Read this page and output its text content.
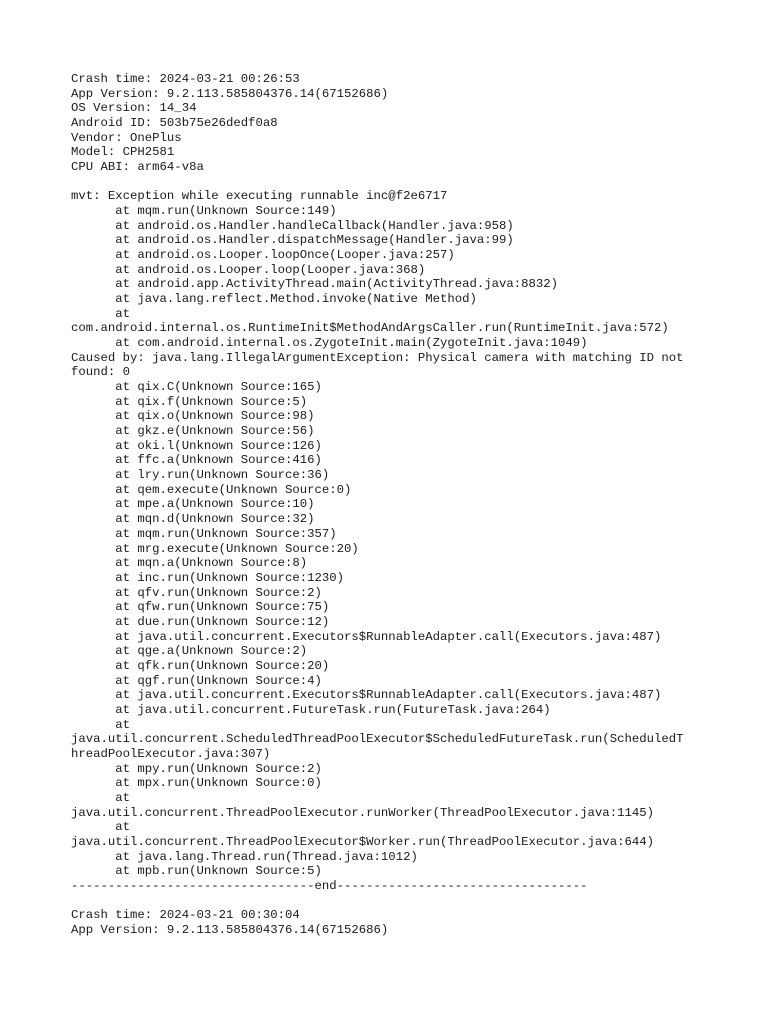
Crash time: 2024-03-21 00:26:53
App Version: 9.2.113.585804376.14(67152686)
OS Version: 14_34
Android ID: 503b75e26dedf0a8
Vendor: OnePlus
Model: CPH2581
CPU ABI: arm64-v8a

mvt: Exception while executing runnable inc@f2e6717
at mqm.run(Unknown Source:149)
at android.os.Handler.handleCallback(Handler.java:958)
at android.os.Handler.dispatchMessage(Handler.java:99)
at android.os.Looper.loopOnce(Looper.java:257)
at android.os.Looper.loop(Looper.java:368)
at android.app.ActivityThread.main(ActivityThread.java:8832)
at java.lang.reflect.Method.invoke(Native Method)
at
com.android.internal.os.RuntimeInit$MethodAndArgsCaller.run(RuntimeInit.java:572)
at com.android.internal.os.ZygoteInit.main(ZygoteInit.java:1049)
Caused by: java.lang.IllegalArgumentException: Physical camera with matching ID not
found: 0
at qix.C(Unknown Source:165)
at qix.f(Unknown Source:5)
at qix.o(Unknown Source:98)
at gkz.e(Unknown Source:56)
at oki.l(Unknown Source:126)
at ffc.a(Unknown Source:416)
at lry.run(Unknown Source:36)
at qem.execute(Unknown Source:0)
at mpe.a(Unknown Source:10)
at mqn.d(Unknown Source:32)
at mqm.run(Unknown Source:357)
at mrg.execute(Unknown Source:20)
at mqn.a(Unknown Source:8)
at inc.run(Unknown Source:1230)
at qfv.run(Unknown Source:2)
at qfw.run(Unknown Source:75)
at due.run(Unknown Source:12)
at java.util.concurrent.Executors$RunnableAdapter.call(Executors.java:487)
at qge.a(Unknown Source:2)
at qfk.run(Unknown Source:20)
at qgf.run(Unknown Source:4)
at java.util.concurrent.Executors$RunnableAdapter.call(Executors.java:487)
at java.util.concurrent.FutureTask.run(FutureTask.java:264)
at
java.util.concurrent.ScheduledThreadPoolExecutor$ScheduledFutureTask.run(ScheduledT
hreadPoolExecutor.java:307)
at mpy.run(Unknown Source:2)
at mpx.run(Unknown Source:0)
at
java.util.concurrent.ThreadPoolExecutor.runWorker(ThreadPoolExecutor.java:1145)
at
java.util.concurrent.ThreadPoolExecutor$Worker.run(ThreadPoolExecutor.java:644)
at java.lang.Thread.run(Thread.java:1012)
at mpb.run(Unknown Source:5)
---------------------------------end----------------------------------

Crash time: 2024-03-21 00:30:04
App Version: 9.2.113.585804376.14(67152686)
